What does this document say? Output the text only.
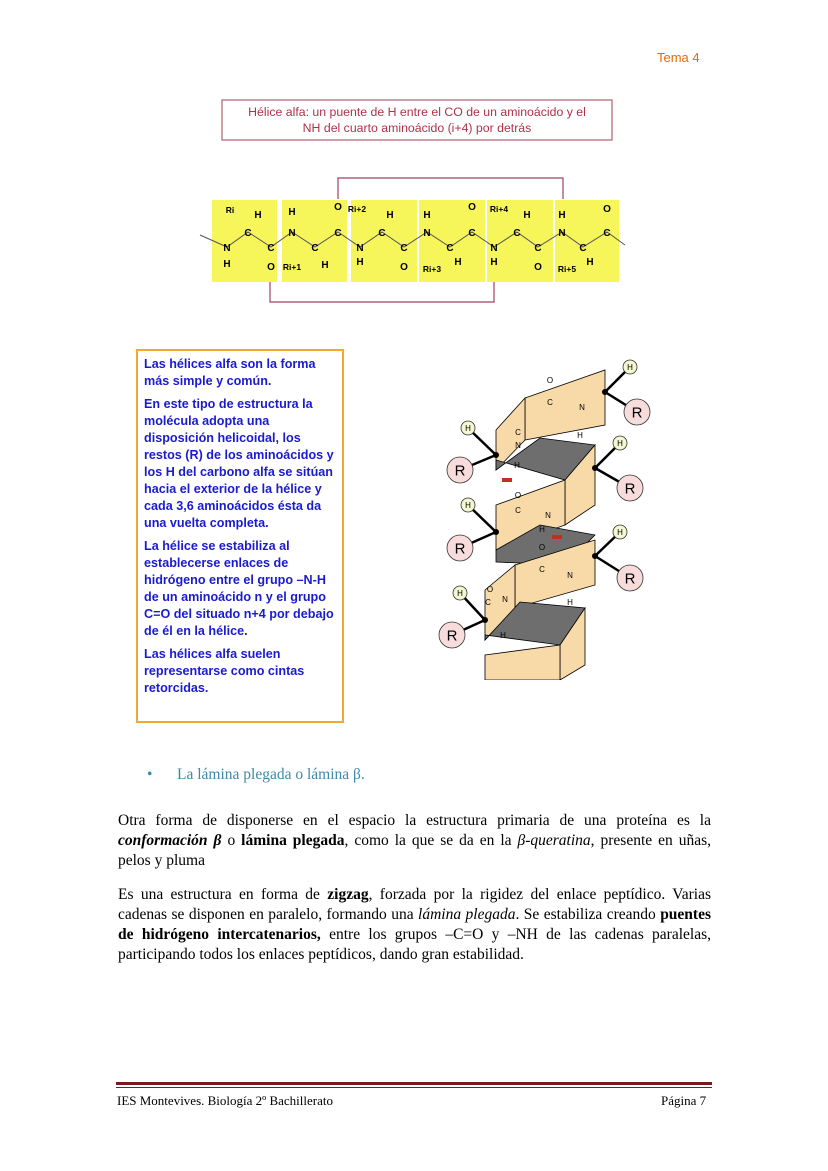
Tema 4
Hélice alfa: un puente de H entre el CO de un aminoácido y el
NH del cuarto aminoácido (i+4) por detrás
N
C
C
N
C
C
N
C
C
N
C
C
N
C
C
N
C
C
H
Ri H
O
H
Ri+1 H
O Ri+2
H
H	O
H
Ri+3
H
O Ri+4
H
H	O
H
Ri+5
H
O

Las hélices alfa son la forma más simple y común.

En este tipo de estructura la molécula adopta una disposición helicoidal, los restos (R) de los aminoácidos y los H del carbono alfa se sitúan hacia el exterior de la hélice y cada 3,6 aminoácidos ésta da una vuelta completa.

La hélice se estabiliza al establecerse enlaces de hidrógeno entre el grupo –N-H de un aminoácido n y el grupo C=O del situado n+4 por debajo de él en la hélice.

Las hélices alfa suelen representarse como cintas retorcidas.

H
R
H
R
H
R
H
R
H
R
H
R
C
N
C
N
H
H
C
N
H
O
C
N
H
C N
H
O
O
O
• La lámina plegada o lámina β.
Otra forma de disponerse en el espacio la estructura primaria de una proteína es la conformación β o lámina plegada, como la que se da en la β-queratina, presente en uñas, pelos y pluma
Es una estructura en forma de zigzag, forzada por la rigidez del enlace peptídico. Varias cadenas se disponen en paralelo, formando una lámina plegada. Se estabiliza creando puentes de hidrógeno intercatenarios, entre los grupos –C=O y –NH de las cadenas paralelas, participando todos los enlaces peptídicos, dando gran estabilidad.
IES Montevives. Biología 2º Bachillerato	Página 7
